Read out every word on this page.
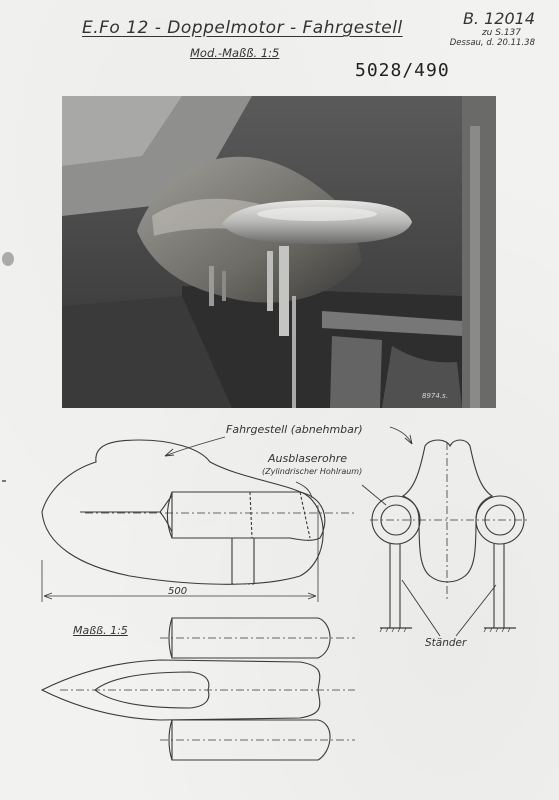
E.Fo 12 - Doppelmotor - Fahrgestell
Mod.-Maßß. 1:5
5028/490
B. 12014
zu S.137
Dessau, d. 20.11.38
8974.s.
Fahrgestell (abnehmbar)
Ausblaserohre
(Zylindrischer Hohlraum)
500
Ständer
Maßß. 1:5
